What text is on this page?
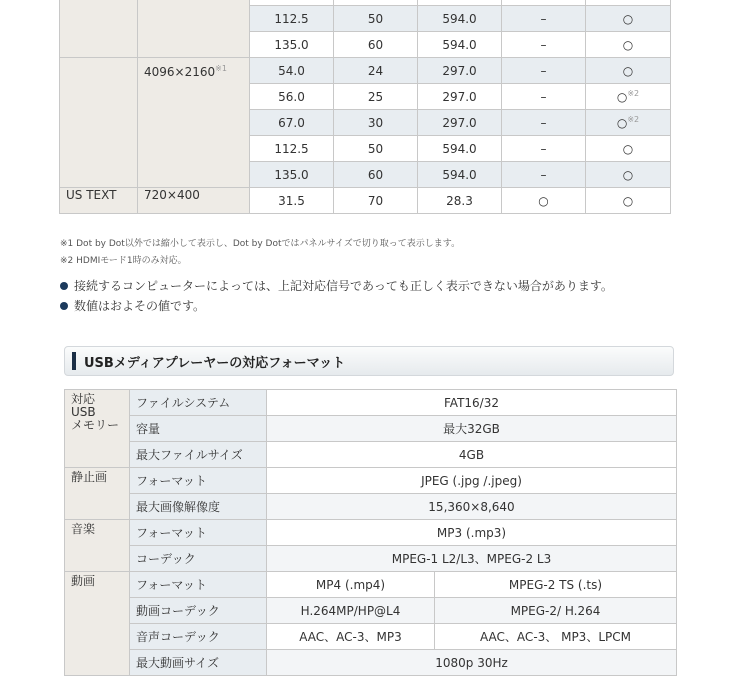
		112.5	50	594.0	–	○
		135.0	60	594.0	–	○
	4096×2160$^{※1}$	54.0	24	297.0	–	○
		56.0	25	297.0	–	○$^{※2}$
		67.0	30	297.0	–	○$^{※2}$
		112.5	50	594.0	–	○
		135.0	60	594.0	–	○
US TEXT	720×400	31.5	70	28.3	○	○
※1 Dot by Dot以外では縮小して表示し、Dot by Dotではパネルサイズで切り取って表示します。
※2 HDMIモード1時のみ対応。
接続するコンピューターによっては、上記対応信号であっても正しく表示できない場合があります。
数値はおよその値です。
USBメディアプレーヤーの対応フォーマット
対応
USB
メモリー	ファイルシステム	FAT16/32	
	容量	最大32GB	
	最大ファイルサイズ	4GB	
静止画	フォーマット	JPEG (.jpg /.jpeg)	
	最大画像解像度	15,360×8,640	
音楽	フォーマット	MP3 (.mp3)	
	コーデック	MPEG-1 L2/L3、MPEG-2 L3	
動画	フォーマット	MP4 (.mp4)	MPEG-2 TS (.ts)
	動画コーデック	H.264MP/HP@L4	MPEG-2/ H.264
	音声コーデック	AAC、AC-3、MP3	AAC、AC-3、 MP3、LPCM
	最大動画サイズ	1080p 30Hz	
